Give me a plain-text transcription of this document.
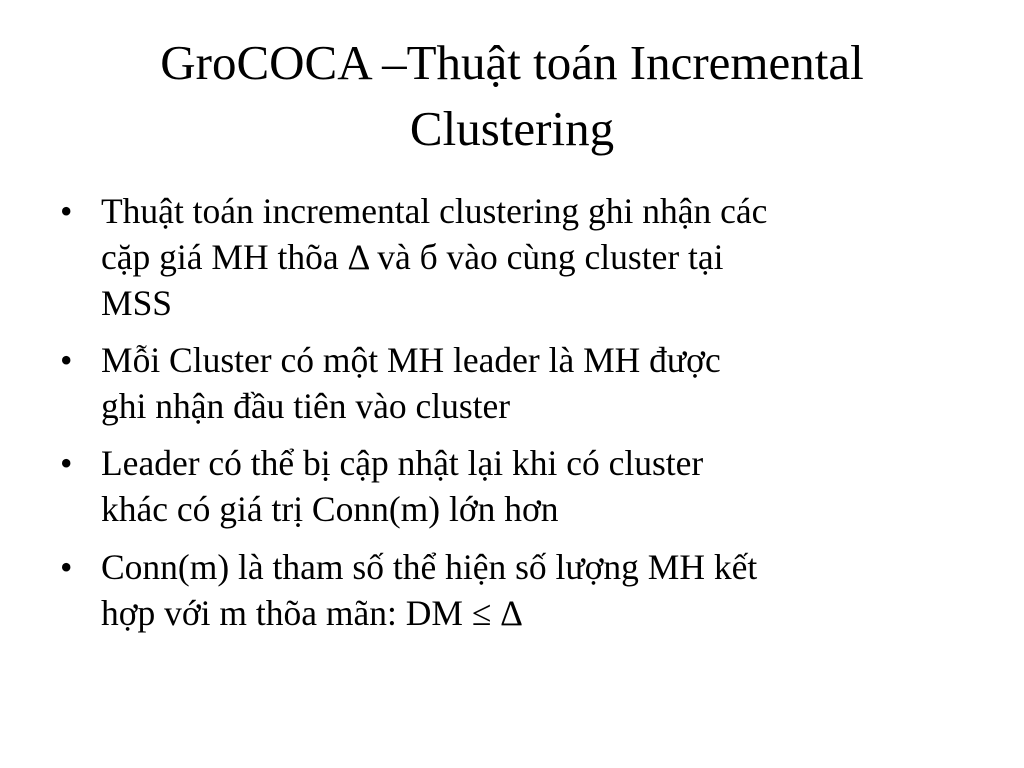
GroCOCA –Thuật toán Incremental
Clustering
• Thuật toán incremental clustering ghi nhận các
cặp giá MH thõa Δ và б vào cùng cluster tại
MSS
• Mỗi Cluster có một MH leader là MH được
ghi nhận đầu tiên vào cluster
• Leader có thể bị cập nhật lại khi có cluster
khác có giá trị Conn(m) lớn hơn
• Conn(m) là tham số thể hiện số lượng MH kết
hợp với m thõa mãn: DM ≤ Δ
